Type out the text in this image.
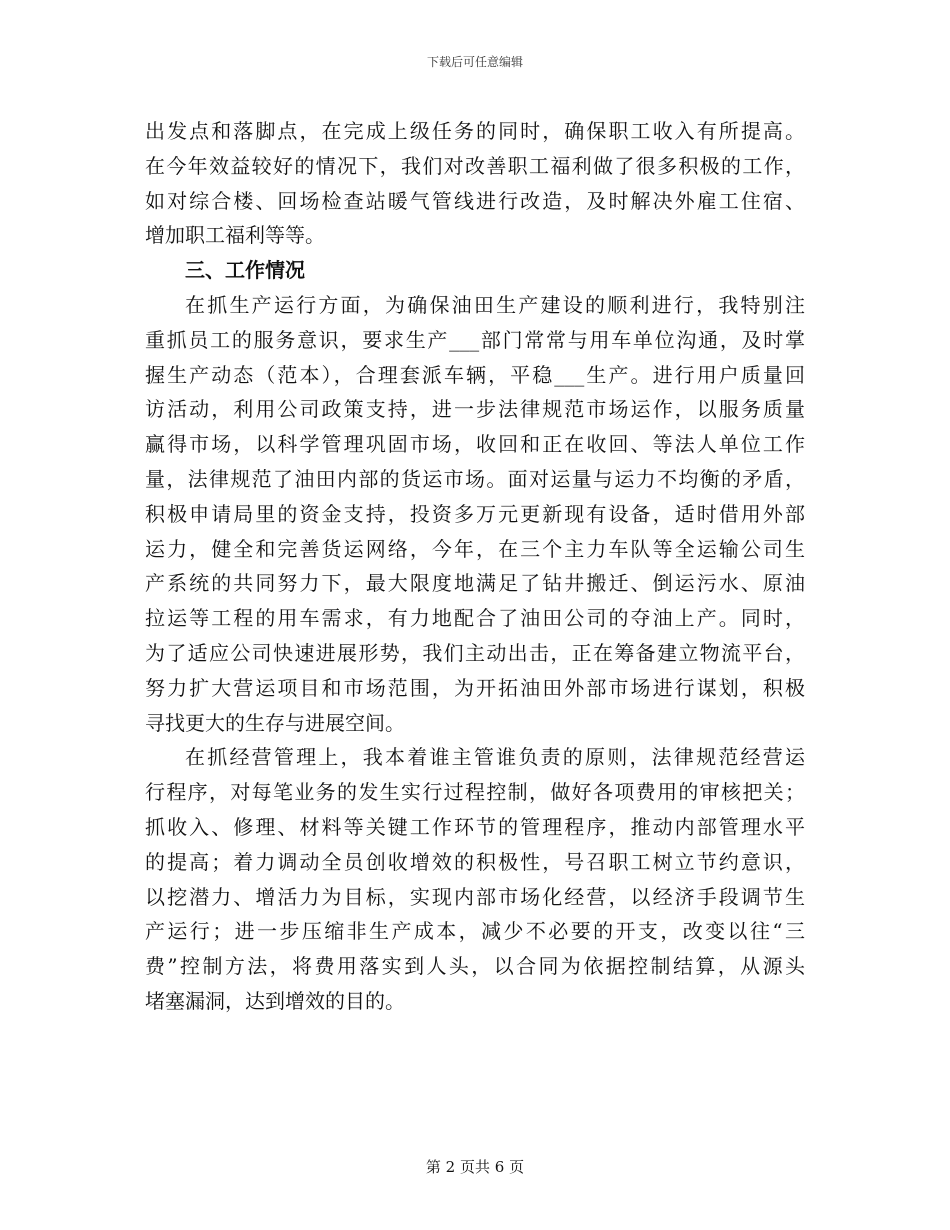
下载后可任意编辑
出发点和落脚点，在完成上级任务的同时，确保职工收入有所提高。
在今年效益较好的情况下，我们对改善职工福利做了很多积极的工作，
如对综合楼、回场检查站暖气管线进行改造，及时解决外雇工住宿、
增加职工福利等等。
三、工作情况
在抓生产运行方面，为确保油田生产建设的顺利进行，我特别注
重抓员工的服务意识，要求生产___部门常常与用车单位沟通，及时掌
握生产动态（范本），合理套派车辆，平稳___生产。进行用户质量回
访活动，利用公司政策支持，进一步法律规范市场运作，以服务质量
赢得市场，以科学管理巩固市场，收回和正在收回、等法人单位工作
量，法律规范了油田内部的货运市场。面对运量与运力不均衡的矛盾，
积极申请局里的资金支持，投资多万元更新现有设备，适时借用外部
运力，健全和完善货运网络，今年，在三个主力车队等全运输公司生
产系统的共同努力下，最大限度地满足了钻井搬迁、倒运污水、原油
拉运等工程的用车需求，有力地配合了油田公司的夺油上产。同时，
为了适应公司快速进展形势，我们主动出击，正在筹备建立物流平台，
努力扩大营运项目和市场范围，为开拓油田外部市场进行谋划，积极
寻找更大的生存与进展空间。
在抓经营管理上，我本着谁主管谁负责的原则，法律规范经营运
行程序，对每笔业务的发生实行过程控制，做好各项费用的审核把关；
抓收入、修理、材料等关键工作环节的管理程序，推动内部管理水平
的提高；着力调动全员创收增效的积极性，号召职工树立节约意识，
以挖潜力、增活力为目标，实现内部市场化经营，以经济手段调节生
产运行；进一步压缩非生产成本，减少不必要的开支，改变以往“三
费”控制方法，将费用落实到人头，以合同为依据控制结算，从源头
堵塞漏洞，达到增效的目的。
第 2 页共 6 页
